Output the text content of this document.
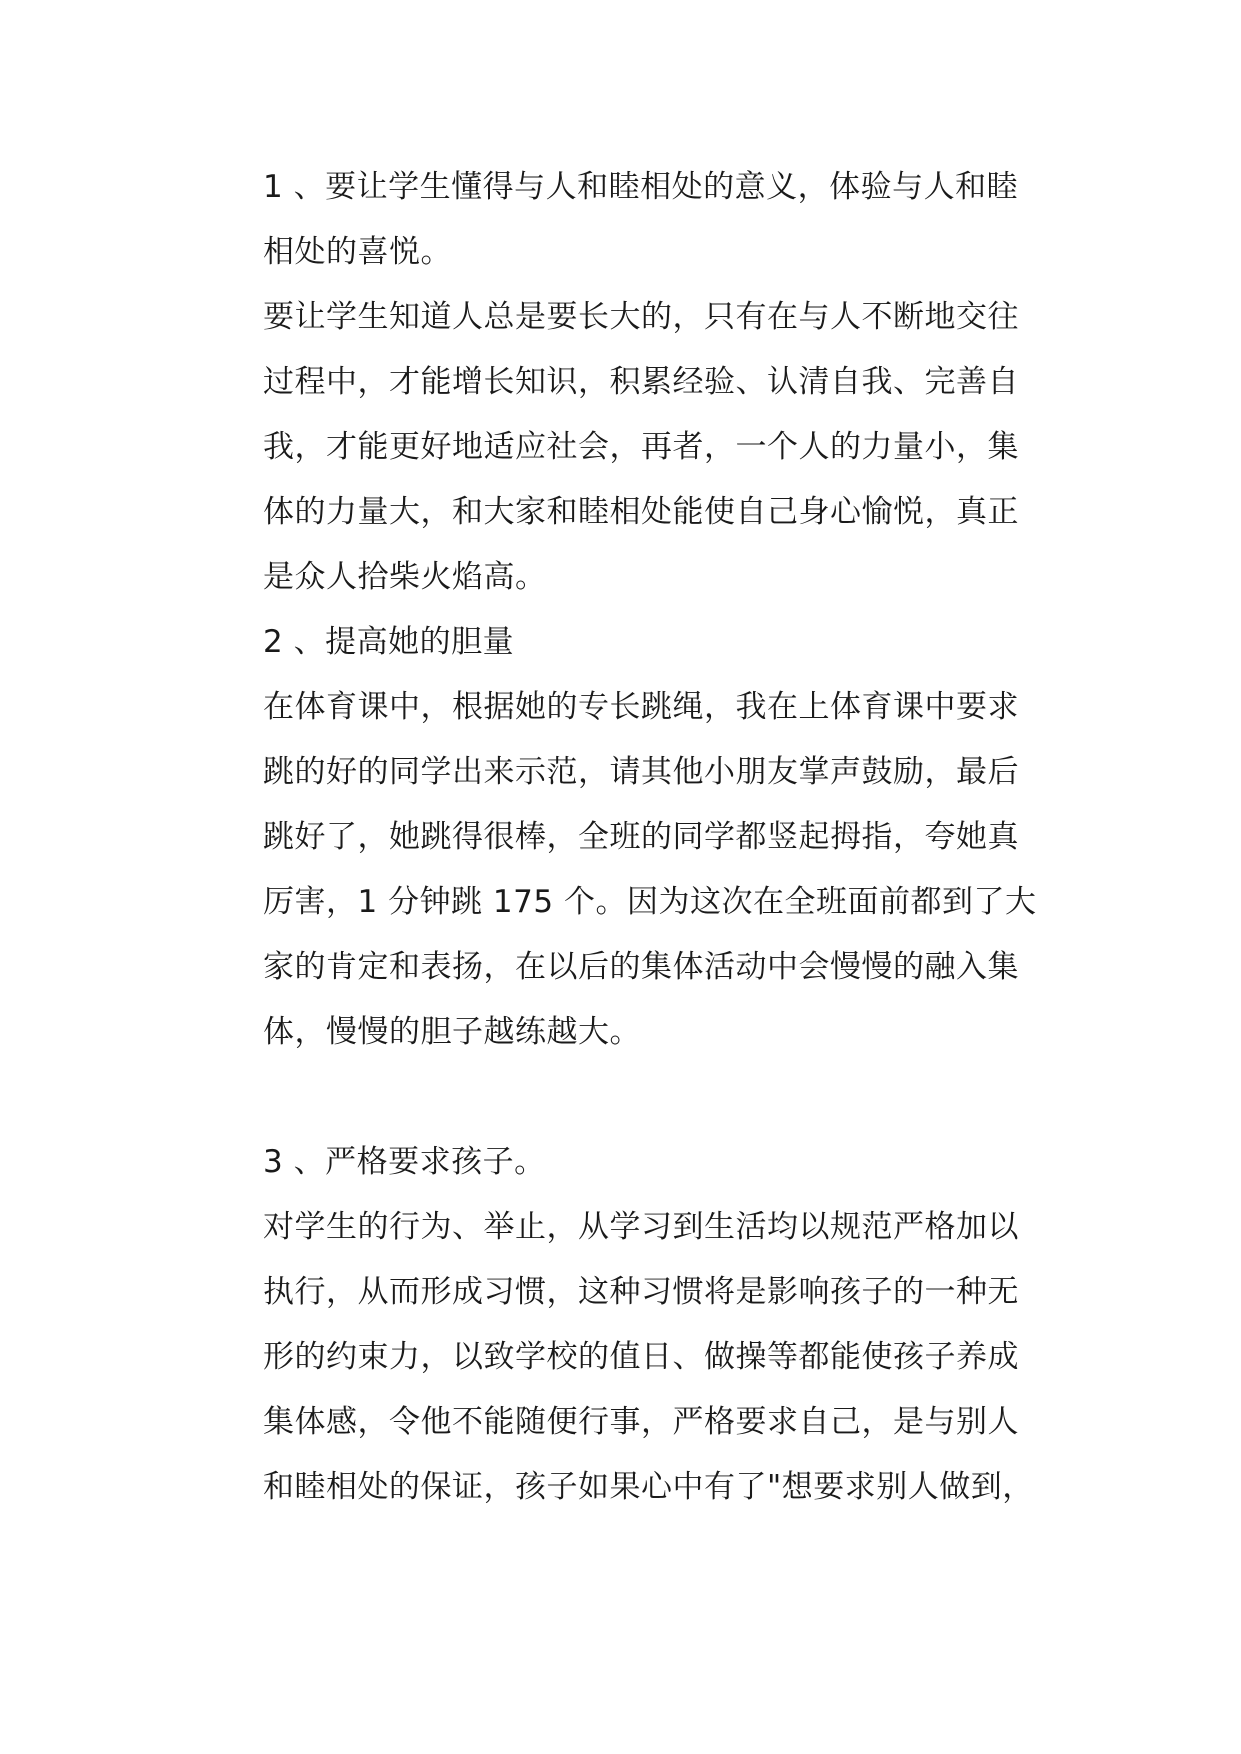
1 、要让学生懂得与人和睦相处的意义，体验与人和睦
相处的喜悦。
要让学生知道人总是要长大的，只有在与人不断地交往
过程中，才能增长知识，积累经验、认清自我、完善自
我，才能更好地适应社会，再者，一个人的力量小，集
体的力量大，和大家和睦相处能使自己身心愉悦，真正
是众人拾柴火焰高。
2 、提高她的胆量
在体育课中，根据她的专长跳绳，我在上体育课中要求
跳的好的同学出来示范，请其他小朋友掌声鼓励，最后
跳好了，她跳得很棒，全班的同学都竖起拇指，夸她真
厉害，1 分钟跳 175 个。因为这次在全班面前都到了大
家的肯定和表扬，在以后的集体活动中会慢慢的融入集
体，慢慢的胆子越练越大。
3 、严格要求孩子。
对学生的行为、举止，从学习到生活均以规范严格加以
执行，从而形成习惯，这种习惯将是影响孩子的一种无
形的约束力，以致学校的值日、做操等都能使孩子养成
集体感，令他不能随便行事，严格要求自己，是与别人
和睦相处的保证，孩子如果心中有了"想要求别人做到，
